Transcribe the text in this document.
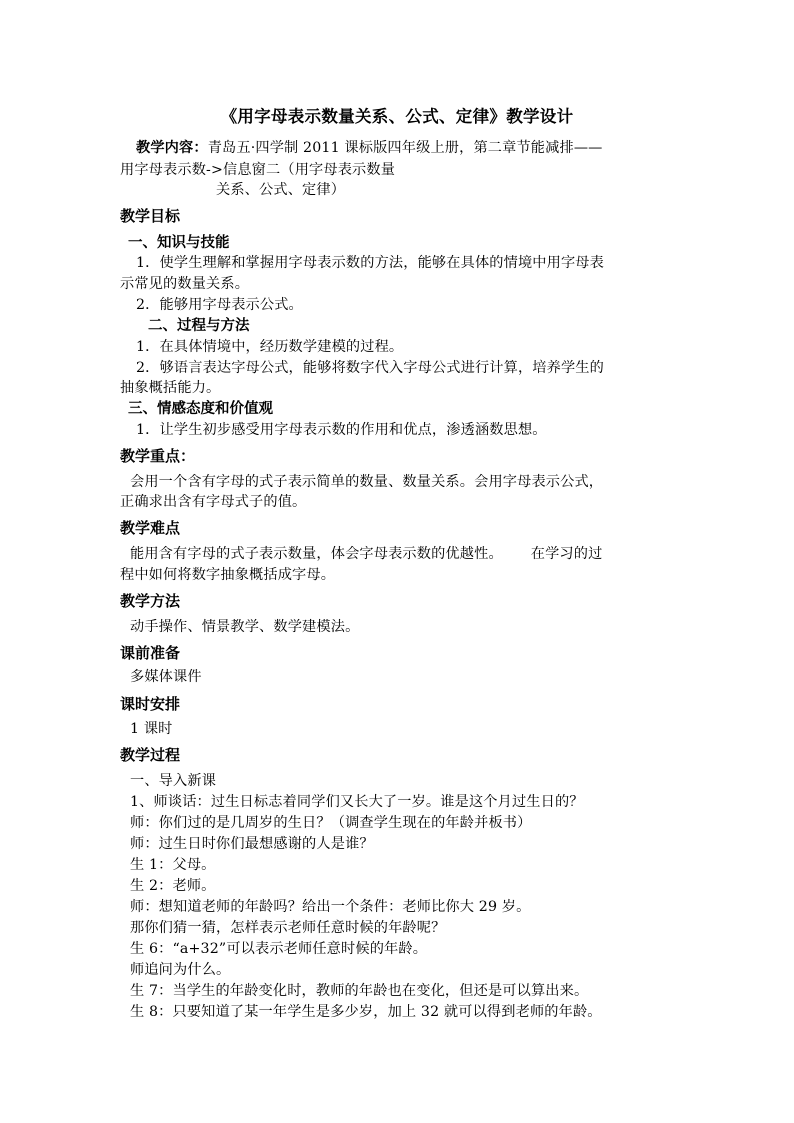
《用字母表示数量关系、公式、定律》教学设计
教学内容：青岛五·四学制 2011 课标版四年级上册，第二章节能减排——
用字母表示数->信息窗二（用字母表示数量
关系、公式、定律）
教学目标
一、知识与技能
1．使学生理解和掌握用字母表示数的方法，能够在具体的情境中用字母表
示常见的数量关系。
2．能够用字母表示公式。
二、过程与方法
1．在具体情境中，经历数学建模的过程。
2．够语言表达字母公式，能够将数字代入字母公式进行计算，培养学生的
抽象概括能力。
三、情感态度和价值观
1．让学生初步感受用字母表示数的作用和优点，渗透涵数思想。
教学重点：
会用一个含有字母的式子表示简单的数量、数量关系。会用字母表示公式，
正确求出含有字母式子的值。
教学难点
能用含有字母的式子表示数量，体会字母表示数的优越性。      在学习的过
程中如何将数字抽象概括成字母。
教学方法
动手操作、情景教学、数学建模法。
课前准备
多媒体课件
课时安排
1 课时
教学过程
一、导入新课
1、师谈话：过生日标志着同学们又长大了一岁。谁是这个月过生日的？
师：你们过的是几周岁的生日？（调查学生现在的年龄并板书）
师：过生日时你们最想感谢的人是谁？
生 1：父母。
生 2：老师。
师：想知道老师的年龄吗？给出一个条件：老师比你大 29 岁。
那你们猜一猜，怎样表示老师任意时候的年龄呢？
生 6：“a+32”可以表示老师任意时候的年龄。
师追问为什么。
生 7：当学生的年龄变化时，教师的年龄也在变化，但还是可以算出来。
生 8：只要知道了某一年学生是多少岁，加上 32 就可以得到老师的年龄。
